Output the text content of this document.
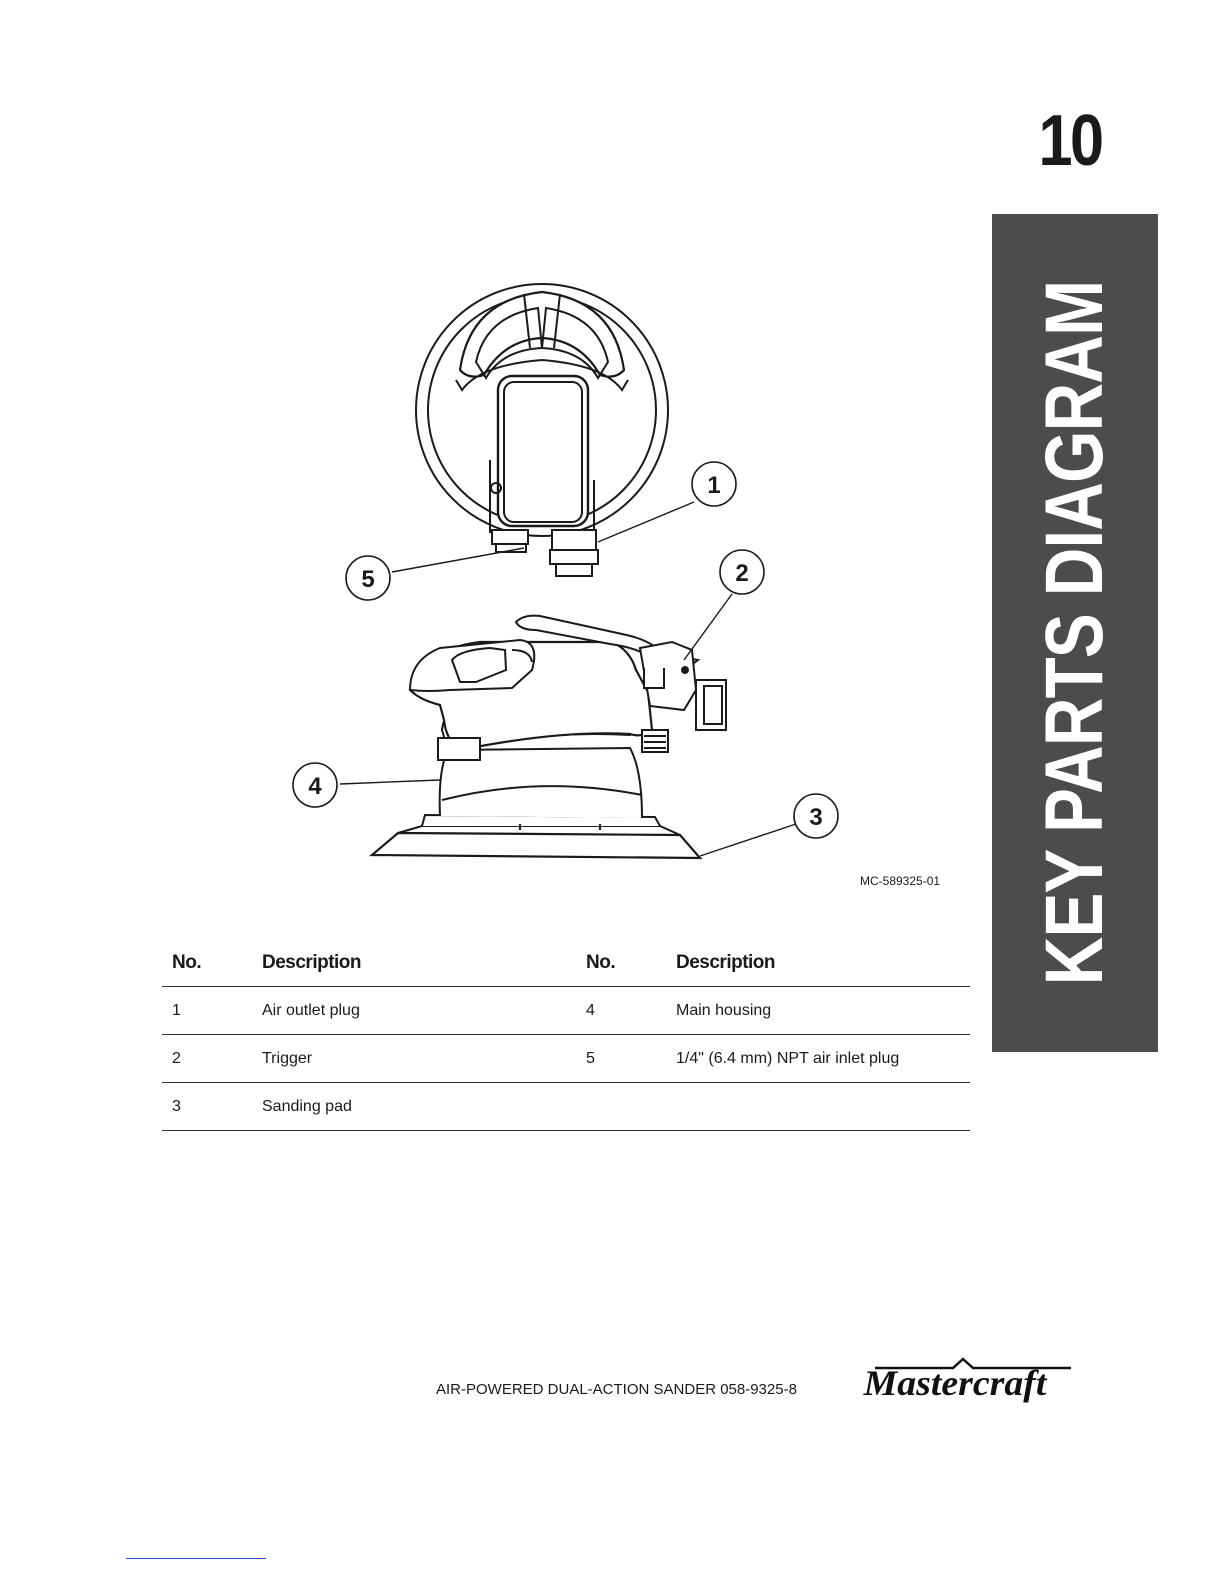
10
KEY PARTS DIAGRAM
1
2
3
4
5
MC-589325-01
No.	Description	No.	Description
1	Air outlet plug	4	Main housing
2	Trigger	5	1/4" (6.4 mm) NPT air inlet plug
3	Sanding pad		
AIR-POWERED DUAL-ACTION SANDER 058-9325-8	Mastercraft
